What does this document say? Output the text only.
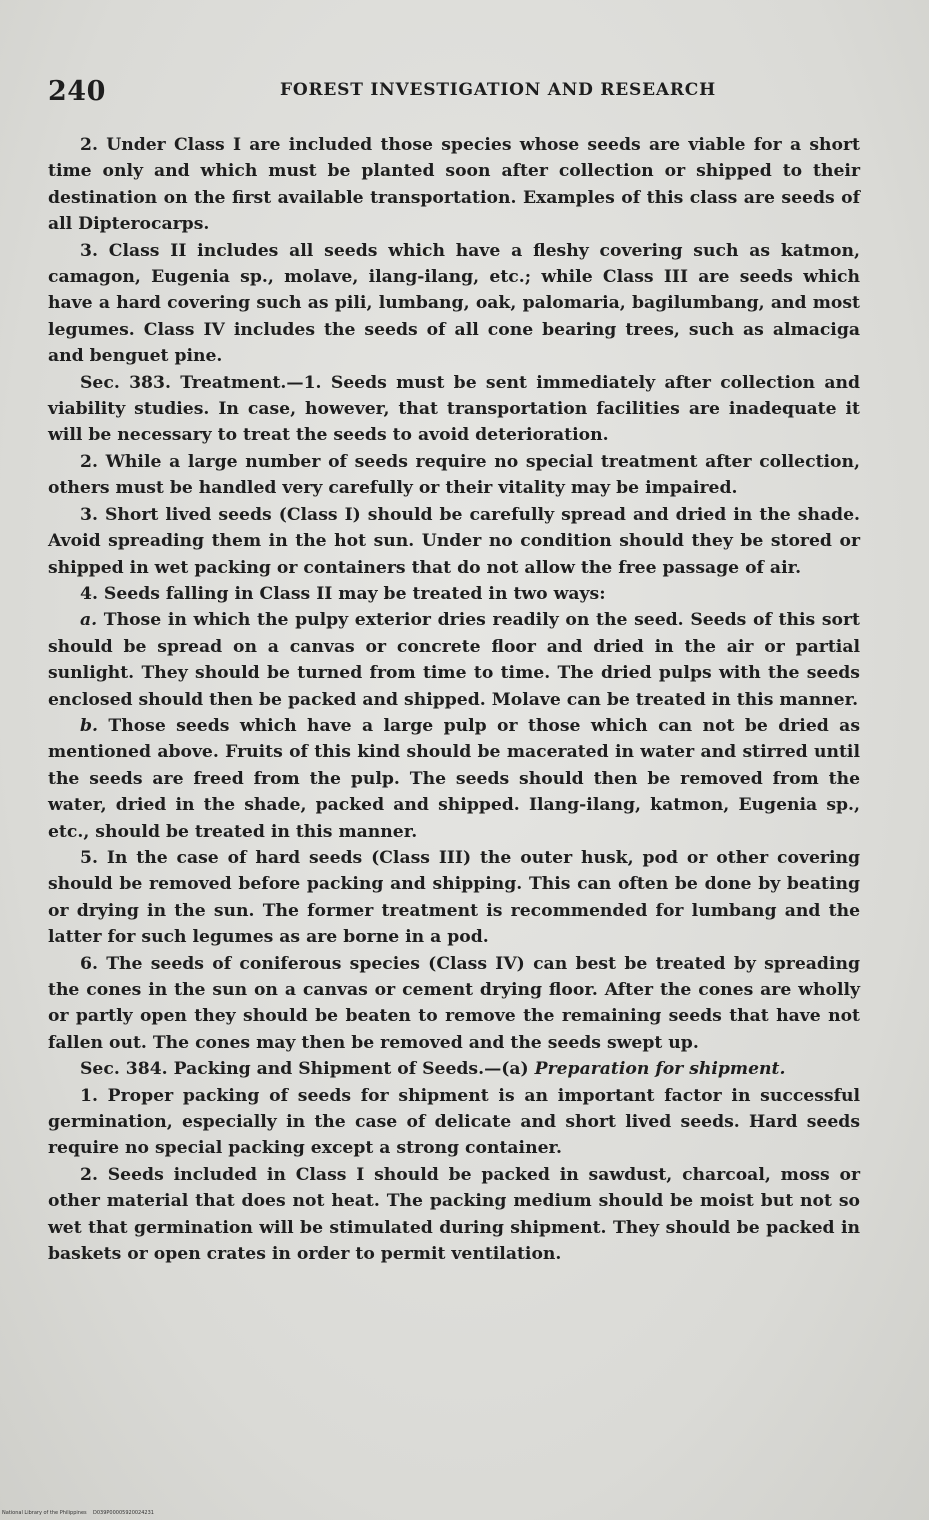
240	FOREST INVESTIGATION AND RESEARCH

2. Under Class I are included those species whose seeds are viable for a short time only and which must be planted soon after collection or shipped to their destination on the first available transportation. Examples of this class are seeds of all Dipterocarps.

3. Class II includes all seeds which have a fleshy covering such as katmon, camagon, Eugenia sp., molave, ilang-ilang, etc.; while Class III are seeds which have a hard covering such as pili, lumbang, oak, palomaria, bagilumbang, and most legumes. Class IV includes the seeds of all cone bearing trees, such as almaciga and benguet pine.

Sec. 383. Treatment.—1. Seeds must be sent immediately after collection and viability studies. In case, however, that transportation facilities are inadequate it will be necessary to treat the seeds to avoid deterioration.

2. While a large number of seeds require no special treatment after collection, others must be handled very carefully or their vitality may be impaired.

3. Short lived seeds (Class I) should be carefully spread and dried in the shade. Avoid spreading them in the hot sun. Under no condition should they be stored or shipped in wet packing or containers that do not allow the free passage of air.

4. Seeds falling in Class II may be treated in two ways:

a. Those in which the pulpy exterior dries readily on the seed. Seeds of this sort should be spread on a canvas or concrete floor and dried in the air or partial sunlight. They should be turned from time to time. The dried pulps with the seeds enclosed should then be packed and shipped. Molave can be treated in this manner.

b. Those seeds which have a large pulp or those which can not be dried as mentioned above. Fruits of this kind should be macerated in water and stirred until the seeds are freed from the pulp. The seeds should then be removed from the water, dried in the shade, packed and shipped. Ilang-ilang, katmon, Eugenia sp., etc., should be treated in this manner.

5. In the case of hard seeds (Class III) the outer husk, pod or other covering should be removed before packing and shipping. This can often be done by beating or drying in the sun. The former treatment is recommended for lumbang and the latter for such legumes as are borne in a pod.

6. The seeds of coniferous species (Class IV) can best be treated by spreading the cones in the sun on a canvas or cement drying floor. After the cones are wholly or partly open they should be beaten to remove the remaining seeds that have not fallen out. The cones may then be removed and the seeds swept up.

Sec. 384. Packing and Shipment of Seeds.—(a) Preparation for shipment.

1. Proper packing of seeds for shipment is an important factor in successful germination, especially in the case of delicate and short lived seeds. Hard seeds require no special packing except a strong container.

2. Seeds included in Class I should be packed in sawdust, charcoal, moss or other material that does not heat. The packing medium should be moist but not so wet that germination will be stimulated during shipment. They should be packed in baskets or open crates in order to permit ventilation.

National Library of the Philippines D039P00005920024231
